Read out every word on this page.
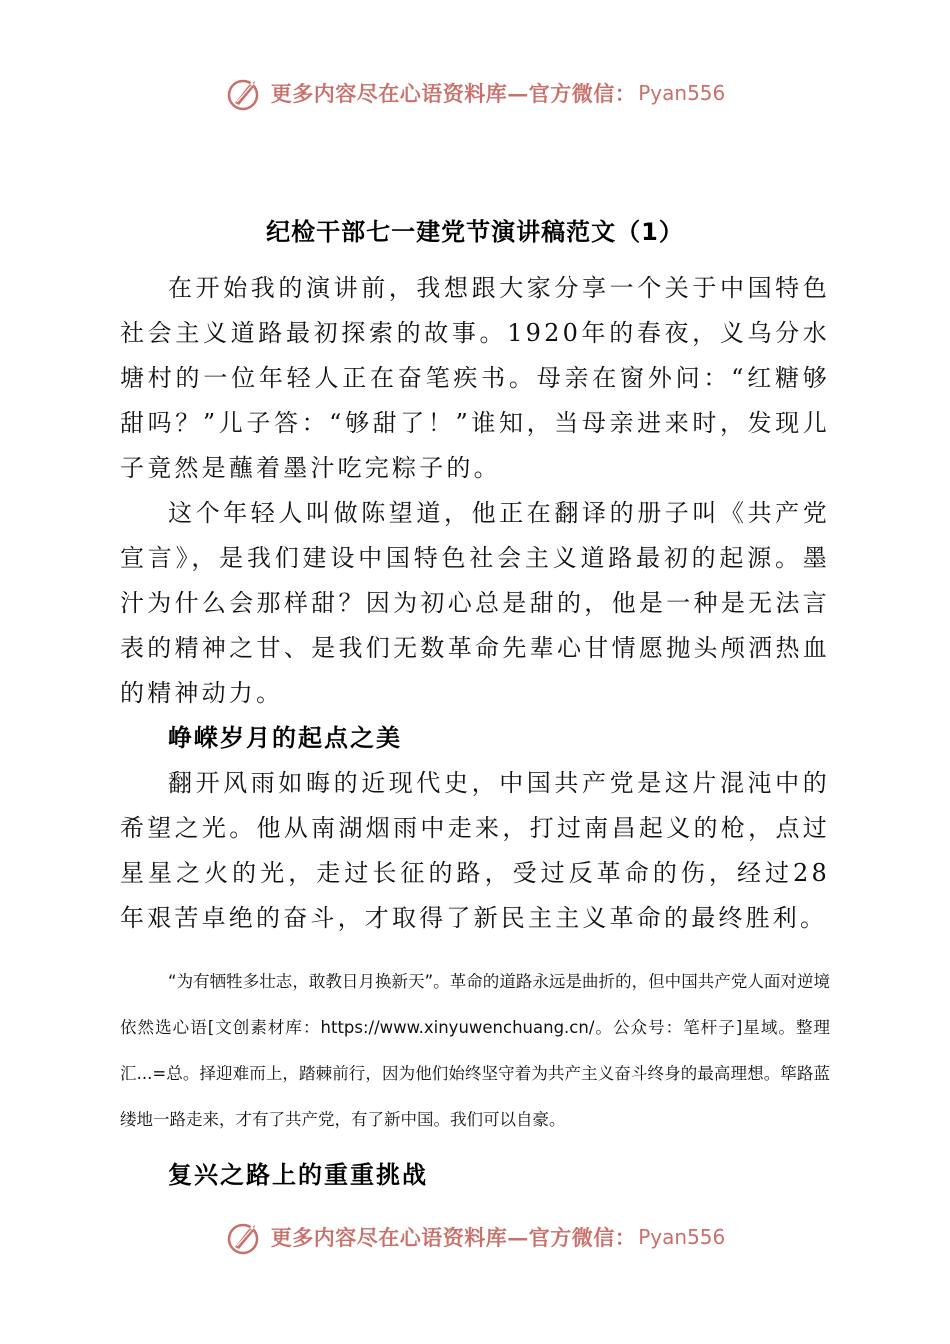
更多内容尽在心语资料库—官方微信： Pyan556
纪检干部七一建党节演讲稿范文（1）

在开始我的演讲前，我想跟大家分享一个关于中国特色社会主义道路最初探索的故事。1920年的春夜，义乌分水塘村的一位年轻人正在奋笔疾书。母亲在窗外问：“红糖够甜吗？”儿子答：“够甜了！”谁知，当母亲进来时，发现儿子竟然是蘸着墨汁吃完粽子的。

这个年轻人叫做陈望道，他正在翻译的册子叫《共产党宣言》，是我们建设中国特色社会主义道路最初的起源。墨汁为什么会那样甜？因为初心总是甜的，他是一种是无法言表的精神之甘、是我们无数革命先辈心甘情愿抛头颅洒热血的精神动力。

峥嵘岁月的起点之美

翻开风雨如晦的近现代史，中国共产党是这片混沌中的希望之光。他从南湖烟雨中走来，打过南昌起义的枪，点过星星之火的光，走过长征的路，受过反革命的伤，经过28年艰苦卓绝的奋斗，才取得了新民主主义革命的最终胜利。

“为有牺牲多壮志，敢教日月换新天”。革命的道路永远是曲折的，但中国共产党人面对逆境依然选心语[文创素材库：https://www.xinyuwenchuang.cn/。公众号：笔杆子]星域。整理汇...=总。择迎难而上，踏棘前行，因为他们始终坚守着为共产主义奋斗终身的最高理想。筚路蓝缕地一路走来，才有了共产党，有了新中国。我们可以自豪。

复兴之路上的重重挑战

更多内容尽在心语资料库—官方微信： Pyan556
